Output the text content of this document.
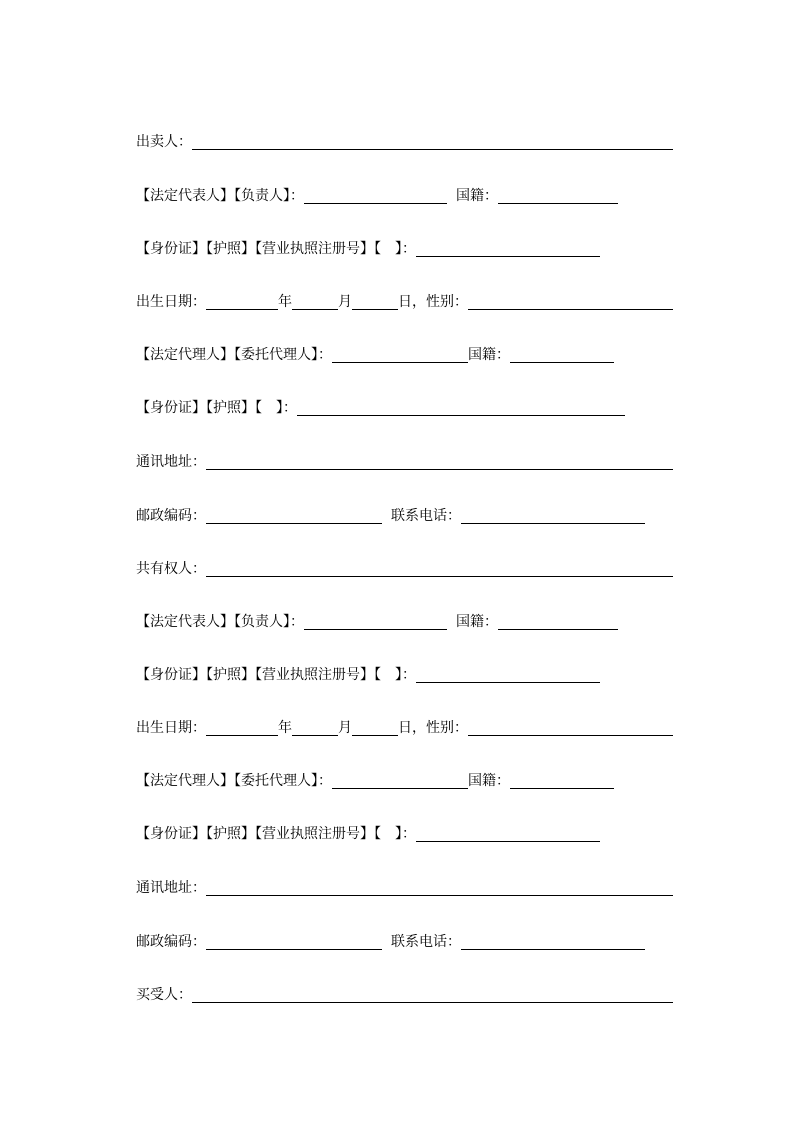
出卖人：
【法定代表人】【负责人】：	国籍：
【身份证】【护照】【营业执照注册号】【　】：
出生日期：	年	月	日， 性别：
【法定代理人】【委托代理人】：	国籍：
【身份证】【护照】【　】：
通讯地址：
邮政编码：	联系电话：
共有权人：
【法定代表人】【负责人】：	国籍：
【身份证】【护照】【营业执照注册号】【　】：
出生日期：	年	月	日， 性别：
【法定代理人】【委托代理人】：	国籍：
【身份证】【护照】【营业执照注册号】【　】：
通讯地址：
邮政编码：	联系电话：
买受人：
